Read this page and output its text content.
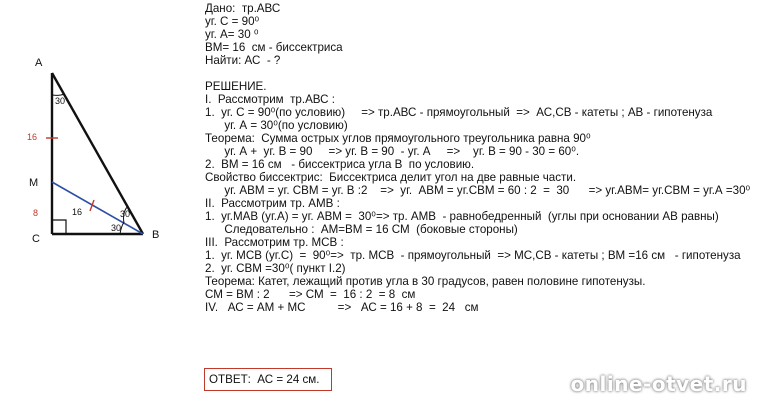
A
M
C	B
30
30
30
16
8	16
Дано:  тр.АВС
уг. С = 90⁰
уг. А= 30 ⁰
ВМ= 16  см - биссектриса
Найти: АС  - ?
РЕШЕНИЕ.
I.  Рассмотрим  тр.АВС :
1.  уг. С = 90⁰(по условию)     => тр.АВС - прямоугольный  =>  АС,СВ - катеты ; АВ - гипотенуза
уг. А = 30⁰(по условию)
Теорема:  Сумма острых углов прямоугольного треугольника равна 90⁰
уг. А +  уг. В = 90     => уг. В = 90  - уг. А     =>    уг. В = 90 - 30 = 60⁰.
2.  ВМ = 16 см   - биссектриса угла В  по условию.
Свойство биссектрис:  Биссектриса делит угол на две равные части.
уг. АВМ = уг. СВМ = уг. В :2    =>  уг.  АВМ = уг.СВМ = 60 : 2  =  30      => уг.АВМ= уг.СВМ = уг.А =30⁰
II.  Рассмотрим тр. АМВ :
1.  уг.МАВ (уг.А) = уг. АВМ =  30⁰=> тр. АМВ  - равнобедренный  (углы при основании АВ равны)
Следовательно :  АМ=ВМ = 16 СМ  (боковые стороны)
III.  Рассмотрим тр. МСВ :
1.  уг. МСВ (уг.С)  =  90⁰=>  тр. МСВ  - прямоугольный  => МС,СВ - катеты ; ВМ =16 см   - гипотенуза
2.  уг. СВМ =30⁰( пункт I.2)
Теорема: Катет, лежащий против угла в 30 градусов, равен половине гипотенузы.
СМ = ВМ : 2      => СМ  =  16 : 2  = 8  см
IV.   АС = АМ + МС          =>   АС = 16 + 8  =  24   см
ОТВЕТ:  АС = 24 см.	online-otvet.ru
